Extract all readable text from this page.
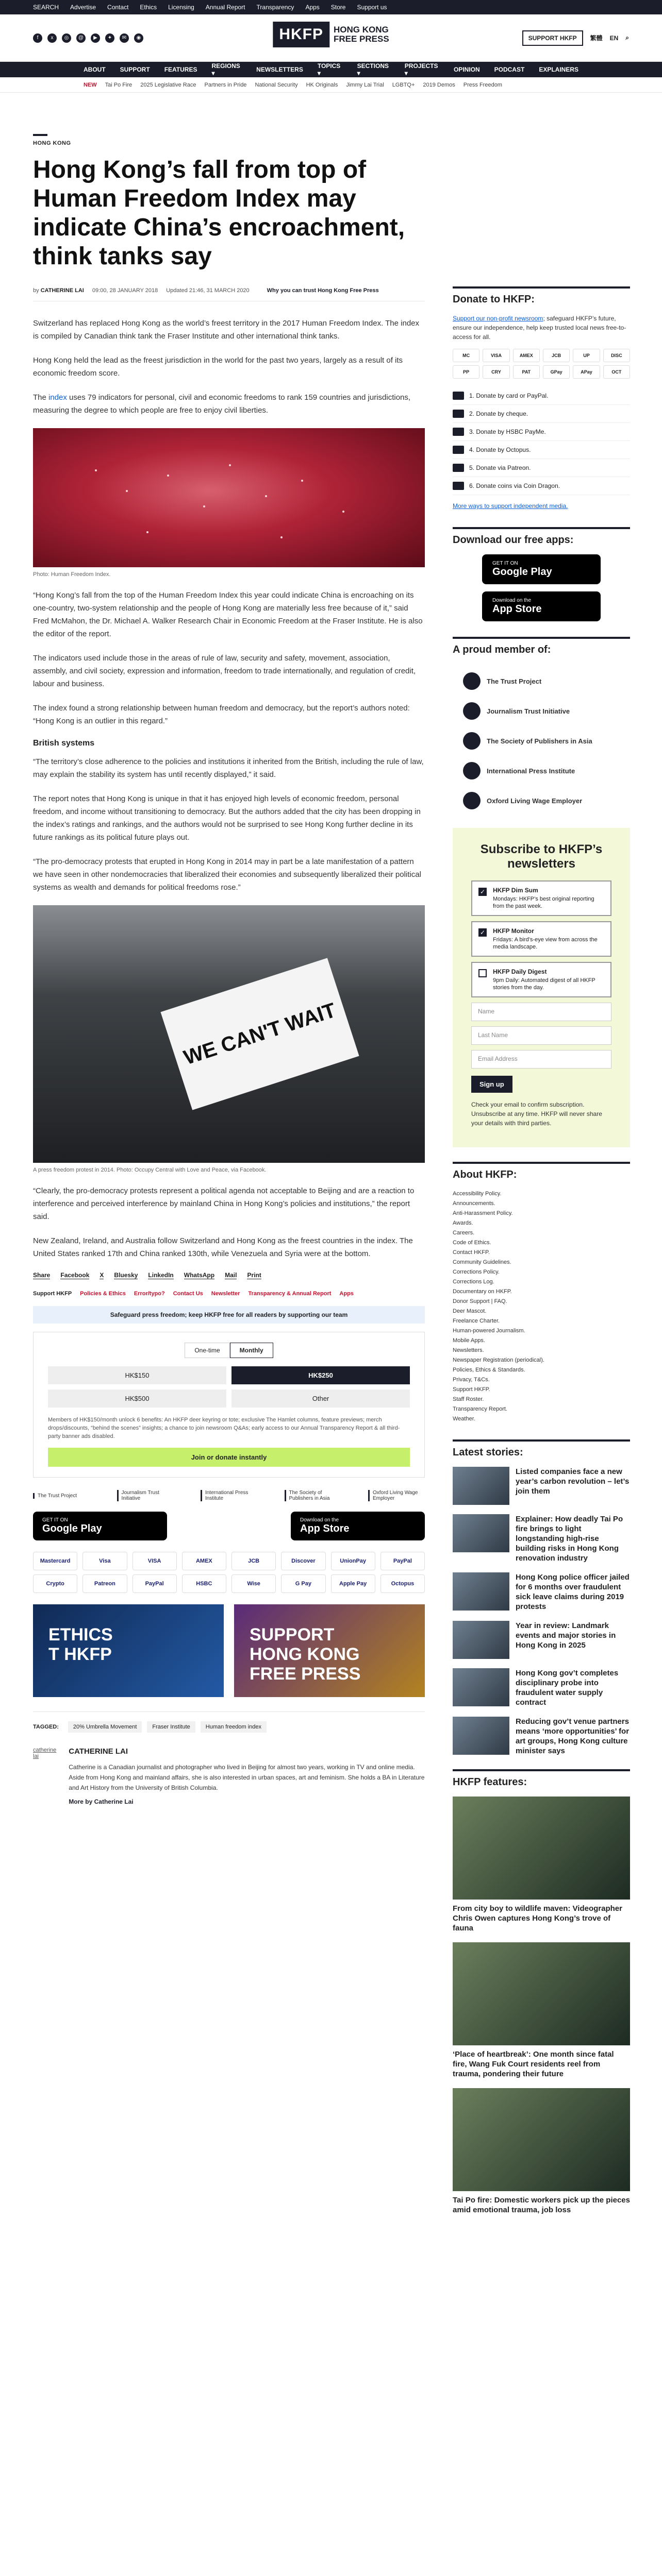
SEARCH Advertise Contact Ethics Licensing Annual Report Transparency Apps Store Support us
f	x	◎	@	▶	✦	✉	◉	HKFP	HONG KONG
FREE PRESS	SUPPORT HKFP	繁體 EN ⌕
ABOUT SUPPORT FEATURES REGIONS ▾	NEWSLETTERS TOPICS ▾
SECTIONS ▾
PROJECTS ▾	OPINION PODCAST EXPLAINERS
NEW Tai Po Fire 2025 Legislative Race Partners in Pride National Security HK Originals Jimmy Lai Trial LGBTQ+ 2019 Demos Press Freedom
HONG KONG
Hong Kong’s fall from top of Human Freedom Index may indicate China’s encroachment, think tanks say
by CATHERINE LAI 09:00, 28 JANUARY 2018 Updated 21:46, 31 MARCH 2020	Why you can trust Hong Kong Free Press

Switzerland has replaced Hong Kong as the world’s freest territory in the 2017 Human Freedom Index. The index is compiled by Canadian think tank the Fraser Institute and other international think tanks.

Hong Kong held the lead as the freest jurisdiction in the world for the past two years, largely as a result of its economic freedom score.

The index uses 79 indicators for personal, civil and economic freedoms to rank 159 countries and jurisdictions, measuring the degree to which people are free to enjoy civil liberties.

Photo: Human Freedom Index.

“Hong Kong’s fall from the top of the Human Freedom Index this year could indicate China is encroaching on its one-country, two-system relationship and the people of Hong Kong are materially less free because of it,” said Fred McMahon, the Dr. Michael A. Walker Research Chair in Economic Freedom at the Fraser Institute. He is also the editor of the report.

The indicators used include those in the areas of rule of law, security and safety, movement, association, assembly, and civil society, expression and information, freedom to trade internationally, and regulation of credit, labour and business.

The index found a strong relationship between human freedom and democracy, but the report’s authors noted: “Hong Kong is an outlier in this regard.”

British systems

“The territory’s close adherence to the policies and institutions it inherited from the British, including the rule of law, may explain the stability its system has until recently displayed,” it said.

The report notes that Hong Kong is unique in that it has enjoyed high levels of economic freedom, personal freedom, and income without transitioning to democracy. But the authors added that the city has been dropping in the index’s ratings and rankings, and the authors would not be surprised to see Hong Kong further decline in its future rankings as its political future plays out.

“The pro-democracy protests that erupted in Hong Kong in 2014 may in part be a late manifestation of a pattern we have seen in other nondemocracies that liberalized their economies and subsequently liberalized their political systems as wealth and demands for political freedoms rose.”

WE CAN'T WAIT
A press freedom protest in 2014. Photo: Occupy Central with Love and Peace, via Facebook.

“Clearly, the pro-democracy protests represent a political agenda not acceptable to Beijing and are a reaction to interference and perceived interference by mainland China in Hong Kong’s policies and institutions,” the report said.

New Zealand, Ireland, and Australia follow Switzerland and Hong Kong as the freest countries in the index. The United States ranked 17th and China ranked 130th, while Venezuela and Syria were at the bottom.

Share Facebook X Bluesky LinkedIn WhatsApp Mail Print
Support HKFP Policies & Ethics Error/typo? Contact Us Newsletter Transparency & Annual Report Apps
Safeguard press freedom; keep HKFP free for all readers by supporting our team
One-time	Monthly
HK$150	HK$250
HK$500	Other
Members of HK$150/month unlock 6 benefits: An HKFP deer keyring or tote; exclusive The Hamlet columns, feature previews; merch drops/discounts, “behind the scenes” insights; a chance to join newsroom Q&As; early access to our Annual Transparency Report & all third-party banner ads disabled.
Join or donate instantly
The Trust Project	Journalism Trust Initiative
International Press Institute
The Society of Publishers in Asia
Oxford Living Wage Employer
GET IT ON
Google Play
Download on the
App Store
Mastercard	Visa	VISA	AMEX	JCB	Discover	UnionPay	PayPal
Crypto	Patreon	PayPal	HSBC	Wise	G Pay	Apple Pay	Octopus
ETHICS
T HKFP
SUPPORT
HONG KONG FREE PRESS
TAGGED:	20% Umbrella Movement	Fraser Institute	Human freedom index
catherine lai
CATHERINE LAI

Catherine is a Canadian journalist and photographer who lived in Beijing for almost two years, working in TV and online media. Aside from Hong Kong and mainland affairs, she is also interested in urban spaces, art and feminism. She holds a BA in Literature and Art History from the University of British Columbia.

More by Catherine Lai
Donate to HKFP:
Support our non-profit newsroom; safeguard HKFP’s future, ensure our independence, help keep trusted local news free-to-access for all.
MC	VISA	AMEX	JCB	UP	DISC
PP	CRY	PAT	GPay	APay	OCT
1. Donate by card or PayPal.
2. Donate by cheque.
3. Donate by HSBC PayMe.
4. Donate by Octopus.
5. Donate via Patreon.
6. Donate coins via Coin Dragon.
More ways to support independent media.
Download our free apps:
GET IT ON
Google Play
Download on the
App Store
A proud member of:
The Trust Project
Journalism Trust Initiative
The Society of Publishers in Asia
International Press Institute
Oxford Living Wage Employer
Subscribe to HKFP’s newsletters
✓ HKFP Dim Sum
Mondays: HKFP’s best original reporting from the past week.
✓ HKFP Monitor
Fridays: A bird’s-eye view from across the media landscape.
HKFP Daily Digest
9pm Daily: Automated digest of all HKFP stories from the day.
Name
Last Name
Email Address
Sign up
Check your email to confirm subscription. Unsubscribe at any time. HKFP will never share your details with third parties.
About HKFP:
Accessibility Policy.
Announcements.
Anti-Harassment Policy.
Awards.
Careers.
Code of Ethics.
Contact HKFP.
Community Guidelines.
Corrections Policy.
Corrections Log.
Documentary on HKFP.
Donor Support | FAQ.
Deer Mascot.
Freelance Charter.
Human-powered Journalism.
Mobile Apps.
Newsletters.
Newspaper Registration (periodical).
Policies, Ethics & Standards.
Privacy, T&Cs.
Support HKFP.
Staff Roster.
Transparency Report.
Weather.
Latest stories:
Listed companies face a new year’s carbon revolution – let’s join them
Explainer: How deadly Tai Po fire brings to light longstanding high-rise building risks in Hong Kong renovation industry
Hong Kong police officer jailed for 6 months over fraudulent sick leave claims during 2019 protests
Year in review: Landmark events and major stories in Hong Kong in 2025
Hong Kong gov’t completes disciplinary probe into fraudulent water supply contract
Reducing gov’t venue partners means ‘more opportunities’ for art groups, Hong Kong culture minister says
HKFP features:
From city boy to wildlife maven: Videographer Chris Owen captures Hong Kong’s trove of fauna
‘Place of heartbreak’: One month since fatal fire, Wang Fuk Court residents reel from trauma, pondering their future
Tai Po fire: Domestic workers pick up the pieces amid emotional trauma, job loss
